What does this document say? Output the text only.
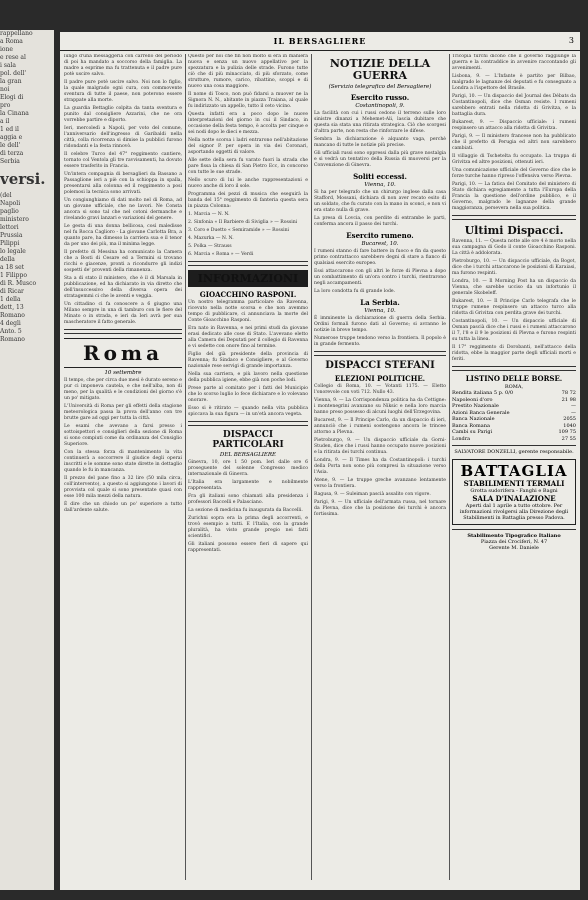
rappellano
a Roma
ione
e rese al
i sala
pol. dell'
la gran
noi
Elogi di
pro
la Cinana
a il
1 ed il
aggia e
le dell'
di terza
Serbia
versi.
(del
Napoli
paglio
ministero
lettori
Prussia
Pilippi
lo legale
della
a 18 set
1 Filippo
di R. Musco
di Ricar
1 della
dett, 13
Romano
4 degli
Anto. 5
Romano
IL BERSAGLIERE	3

lungo d'una messaggerìa con carrello del periodo di poi ha mandato a soccorso della famiglia. La madre a esprime ma fu trattenuta e il padre pure potè uscire salvo.

Il padre pure potè uscire salvo. Noi non lo figlio, la quale malgrado ogni cura, con commovente sventura di tutte il paese, non poterono essere strappate alla morte.

La guardia Bettaglio colpita da tanta sventura e punito dal consigliere Azzarini, che ne ora vorrebbe partire e diporto.

Ieri, mercoledì a Napoli, per voto del comune, l'anniversario dell'ingresso di Garibaldi nella città, colla ricorrenza si dimise la pubblici furono ridondanti e la festa rinnovò.

Il celebre Turco del 47° reggimento cantiere, tornato col Ventola gli tre ravvisamenti, ha dovuto essere trasferito in Francia.

Un'intera compagnia di bersaglieri da Bassano a Passaglione ieri a piè con la schioppa in spalla, presentarsi alla colonna ed il reggimento a posi polemosi la tecnica sono arrivati.

Un congiunghiamo di dati molto nel di Roma, ad un giovane ufficiale, che ne lavori. Ne Consta ancora si sono tal che nel cotoni dermanche e rivelando gravi lanzari e variazioni del genere.

Le gesta di una donna bellicosa, così maledisse nel fu Rocca Caglioro - La giovane Carlotta Bra, a quanto pare, ha dimesso la carriera sua e il tenor da per uno dei più, ma il minima legge.

Il prefetto di Messina ha comunicato la Camera che a Bosti di Cesare ed a Termini si trovano ricchi e giacenze, pronti a ricondurre gli indizi sospetti de' proventi della rimanenza.

Sta a di stato il ministero, che è il di Marsala in pubblicazione, ed ha dichiarato in via diretto che dell'insuccessivo della diversa opera dei stratagemmi ci che le aventi e veggia.

Un cittadino ci fa conoscere a 6 giugno una Milano sempre in una di tamburo con le fiere del Minato o in strada, e ieri da Ieri avrà per sua mascheratore il fatto generale.

Roma
10 settembre

Il tempo, che per circa due mesi è durato sereno e pur ci imponeva cautela, e che nell'alba, non di meno, per la qualità e le condizioni del giorno s'è un po' mitigato.

L'Università di Roma per gli effetti della stagione meteorologica passa la prova dell'anno con tre brutte gare ad oggi per tutta la città.

Le esami che avevano a farsi presso i sottoispettori e consiglieri della sezione di Roma si sono compiuti come da ordinanza del Consiglio Superiore.

Con la stessa forza di mantenimento la vita continuerà a soccorrere il giudice degli operai inscritti e le somme sono state dirette in dettaglio quando le fu in mancanza.

Il prezzo del pane fino a 32 lire (50 mila circa, coll'intervento), a questo si aggiungono i lavori di provvista col quale si sono presentate quasi con esse 100 mila mezzi della natura.

È dire che un chiodo un po' superiore a tutto dall'ardente salute.

Questo per noi che fin non molto si era in maniera nuova e senza un nuovo appellativo per la spezzatura e la pulizia delle strade. Furono tutte ciò che di più minacciato, di più sforzato, come strutture, rumore, carico, ribattino, scoppi e di nuovo una cosa maggiore.

Il nome di Tosco, non può fidarsi a muover ne la Signora N. N., abitante in piazza Traiana, al quale fu indirizzato un appello, tutto il ceto vicino.

Questa infatti era a poco dopo le nuove interpretazioni del giorno in cui il Sindaco, in occasione della festa tempo, è accolta per cinque e sei nodi dopo le dieci e mezza.

Nella notte scorsa i ladri entrarono nell'abitazione del signor P. per opera in via dei Coronari, asportando oggetti di valore.

Alle sette della sera fu varato fuori la strada che pare fissa la chiesa di San Pietro Ecc, in concorso con tutte le sue strade.

Nello scuro di lui le anche rappresentazioni e nuovo anche di loro il sole.

Programma dei pezzi di musica che eseguirà la banda del 15° reggimento di fanteria questa sera in piazza Colonna:

1. Marcia — N. N.

2. Sinfonia « Il Barbiere di Siviglia » — Rossini

3. Coro e Duetto « Semiramide » — Rossini

4. Mazurka — N. N.

5. Polka — Strauss

6. Marcia « Roma » — Verdi

INFORMAZIONI
GIOACCHINO RASPONI.

Un nostro telegramma particolare da Ravenna, ricevuto nella notte scorsa e che non avemmo tempo di pubblicare, ci annunciava la morte del Conte Gioacchino Rasponi.

Era nato in Ravenna, e nei primi studi da giovane erasi dedicato alle cose di Stato. L'avevano eletto alla Camera dei Deputati per il collegio di Ravenna e vi sedette con onore fino al termine.

Figlio del già presidente della provincia di Ravenna; fu Sindaco e Consigliere, e al Governo nazionale rese servigi di grande importanza.

Nella sua carriera, e più lavoro nella questione della pubblica igiene, ebbe già non poche lodi.

Prese parte al comitato per i fatti del Municipio che lo scorso luglio lo fece dichiarare e lo volevano onorare.

Esso si è ritirato — quando nella vita pubblica spiccava la sua figura — in un'età ancora vegeta.

DISPACCI PARTICOLARI
DEL BERSAGLIERE

Ginevra, 10, ore 1 50 pom. Ieri dalle ore 6 proseguente del solenne Congresso medico internazionale di Ginevra.

L'Italia era largamente e nobilmente rappresentata.

Fra gli italiani sono chiamati alla presidenza i professori Baccelli e Palasciano.

La sezione di medicina fu inaugurata da Baccelli.

Zurichni sopra era la prima degli accorrenti, e trovò esempio a tutti. E l'Italia, con la grande pluralità, ha visto grande pregio nei fatti scientifici.

Gli italiani possono essere fieri di sapere qui rappresentati.

NOTIZIE DELLA GUERRA
(Servizio telegrafico del Bersagliere)
Esercito russo.
Costantinopoli, 9.

La facilità con cui i russi cedono il terreno sulle loro sinistre dinanzi a Mehemet-Ali, lascia dubitare che questa sia stata una ritirata strategica. Ciò che scorgesi d'altra parte, non resta che rinforzare le difese.

Sembra la dichiarazione è alquanto vaga, perchè mancano di tutte le notizie più precise.

Gli ufficiali russi sono oppressi dalla più grave nostalgia e si vedrà un tentativo della Russia di muoversi per la Convenzione di Ginevra.

Soliti eccessi.
Vienna, 10.

Si ha per telegrafo che un chirurgo inglese dalla casa Stafford, Mossani, dichiara di non aver recato esito di un soldato, che fu curato con la mano in sconci, e non vi era stato nulla di grave.

La presa di Lovcia, con perdite di entrambe le parti, conferma ancora il passo dei turchi.

Esercito rumeno.
Bucarest, 10.

I rumeni stanno di fare battere in fuoco e fin da questo primo contrattacco sarebbero degni di stare a fianco di qualsiasi esercito europeo.

Essi attaccarono con gli altri le forze di Plevna a dopo un combattimento di un'ora contro i turchi, rientrarono negli accampamenti.

La loro condotta fu di grande lode.

La Serbia.
Vienna, 10.

È imminente la dichiarazione di guerra della Serbia. Ordini formali furono dati al Governo; si avranno le notizie in breve tempo.

Numerose truppe tendono verso la frontiera. Il popolo è in grande fermento.

DISPACCI STEFANI
ELEZIONI POLITICHE.

Collegio di Roma, 10. — Votanti 1175. — Eletto l'onorevole con voti 712. Nullo 43.

Vienna, 9. — La Corrispondenza politica ha da Cettigne: i montenegrini avanzano su Niksic e nella loro marcia hanno preso possesso di alcuni luoghi dell'Erzegovina.

Bucarest, 9. — Il Principe Carlo, da un dispaccio di ieri, annunciò che i rumeni sostengono ancora le trincee attorno a Plevna.

Pietroburgo, 9. — Un dispaccio ufficiale da Gorni-Studen, dice che i russi hanno occupato nuove posizioni e la ritirata dei turchi continua.

Londra, 9. — Il Times ha da Costantinopoli: i turchi della Porta non sono più compresi la situazione verso l'Asia.

Atene, 9. — Le truppe greche avanzano lentamente verso la frontiera.

Ragusa, 9. — Suleiman pascià assalito con vigore.

Parigi, 9. — Un ufficiale dell'armata russa, nel tornare da Plevna, dice che la posizione dei turchi è ancora fortissima.

Tricopia turchi dicono che il governo raggiunge la guerra e la contraddice in avvenire raccontando gli avvenimenti.

Lisbona, 9. — L'Infante è partito per Bilbao, malgrado le lagnanze dei deputati e fu consegnato a Londra a l'ispettore del Brasile.

Parigi, 10. — Un dispaccio del Journal des Débats da Costantinopoli, dice che Osman resiste. I rumeni sarebbero entrati nella ridotta di Grivitza, e la battaglia dura.

Bukarest, 9. — Dispaccio ufficiale: i rumeni respinsero un attacco alla ridotta di Grivitza.

Parigi, 9. — Il ministero francese non ha pubblicato che il prefetto di Perugia ed altri non sarebbero cambiati.

Il villaggio di Tschetelta fu occupato. La truppa di Grivitza ed altre posizioni, ottenuti ieri.

Una comunicazione ufficiale del Governo dice che le forze turche hanno ripreso l'offensiva verso Plevna.

Parigi, 10. — La fatica del Comitato del ministero di Stato dichiara egregiamente a tutta l'Europa della Francia la questione dell'ordine pubblico, e il Governo, malgrado le lagnanze della grande maggioranza, persevera nella sua politica.

Ultimi Dispacci.

Ravenna, 11. — Questa notte alle ore 4 è morto nella sua campagna di Godo il conte Gioacchino Rasponi. La città è addolorata.

Pietroburgo, 10. — Un dispaccio ufficiale, da Bogot, dice che i turchi attaccarono le posizioni di Karaiasi, ma furono respinti.

Londra, 10. — Il Morning Post ha un dispaccio da Vienna, che sarebbe ucciso da un infortunio il generale Skobeleff.

Bukarest, 10. — Il Principe Carlo telegrafa che le truppe rumene respinsero un attacco turco alla ridotta di Grivitza con perdita grave dei turchi.

Costantinopoli, 10. — Un dispaccio ufficiale di Osman pascià dice che i russi e i rumeni attaccarono il 7, l'8 e il 9 le posizioni di Plevna e furono respinti su tutta la linea.

Il 17° reggimento di Dorobanti, nell'attacco della ridotta, ebbe la maggior parte degli ufficiali morti e feriti.

LISTINO DELLE BORSE.
ROMA,
Rendita italiana 5 p. 0/0	78 72
Napoleoni d'oro	21 98
Prestito Nazionale	—
Azioni Banca Generale	—
Banca Nazionale	2055
Banca Romana	1040
Cambi su Parigi	109 75
Londra	27 55
SALVATORE DONZELLI, gerente responsabile.
BATTAGLIA
STABILIMENTI TERMALI
Grotta sudorifera - Fanghi e Bagni
SALA D'INALAZIONE
Aperti dal 1 aprile a tutto ottobre. Per informazioni rivolgersi alla Direzione degli Stabilimenti in Battaglia presso Padova.
Stabilimento Tipografico Italiano
Piazza dei Crociferi, N. 47
Gerente M. Daniele
